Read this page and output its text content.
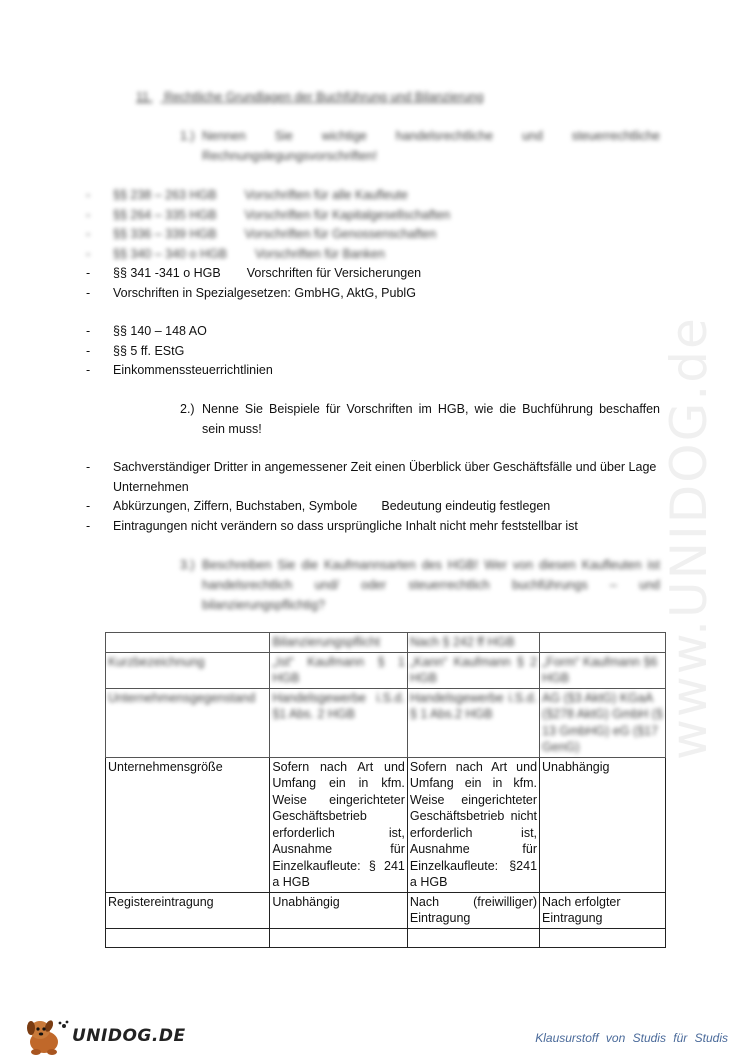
www.UNIDOG.de
11. Rechtliche Grundlagen der Buchführung und Bilanzierung
1.) Nennen Sie wichtige handelsrechtliche und steuerrechtliche Rechnungslegungsvorschriften!
- §§ 238 – 263 HGB Vorschriften für alle Kaufleute
- §§ 264 – 335 HGB Vorschriften für Kapitalgesellschaften
- §§ 336 – 339 HGB Vorschriften für Genossenschaften
- §§ 340 – 340 o HGB Vorschriften für Banken
- §§ 341 -341 o HGB Vorschriften für Versicherungen
- Vorschriften in Spezialgesetzen: GmbHG, AktG, PublG
- §§ 140 – 148 AO
- §§ 5 ff. EStG
- Einkommenssteuerrichtlinien
2.) Nenne Sie Beispiele für Vorschriften im HGB, wie die Buchführung beschaffen sein muss!
- Sachverständiger Dritter in angemessener Zeit einen Überblick über Geschäftsfälle und über Lage Unternehmen
- Abkürzungen, Ziffern, Buchstaben, Symbole Bedeutung eindeutig festlegen
- Eintragungen nicht verändern so dass ursprüngliche Inhalt nicht mehr feststellbar ist
3.) Beschreiben Sie die Kaufmannsarten des HGB! Wer von diesen Kaufleuten ist handelsrechtlich und/ oder steuerrechtlich buchführungs – und bilanzierungspflichtig?
	Bilanzierungspflicht	Nach § 242 ff HGB	
Kurzbezeichnung	„Ist“ Kaufmann § 1 HGB	„Kann“ Kaufmann § 2 HGB	„Form“ Kaufmann §6 HGB
Unternehmensgegenstand	Handelsgewerbe i.S.d. §1 Abs. 2 HGB	Handelsgewerbe i.S.d. § 1 Abs.2 HGB	AG (§3 AktG) KGaA (§278 AktG) GmbH (§ 13 GmbHG) eG (§17 GenG)
Unternehmensgröße	Sofern nach Art und Umfang ein in kfm. Weise eingerichteter Geschäftsbetrieb erforderlich ist, Ausnahme für Einzelkaufleute: § 241 a HGB	Sofern nach Art und Umfang ein in kfm. Weise eingerichteter Geschäftsbetrieb nicht erforderlich ist, Ausnahme für Einzelkaufleute: §241 a HGB	Unabhängig
Registereintragung	Unabhängig	Nach (freiwilliger) Eintragung	Nach erfolgter Eintragung

UNIDOG.DE	Klausurstoff von Studis für Studis
